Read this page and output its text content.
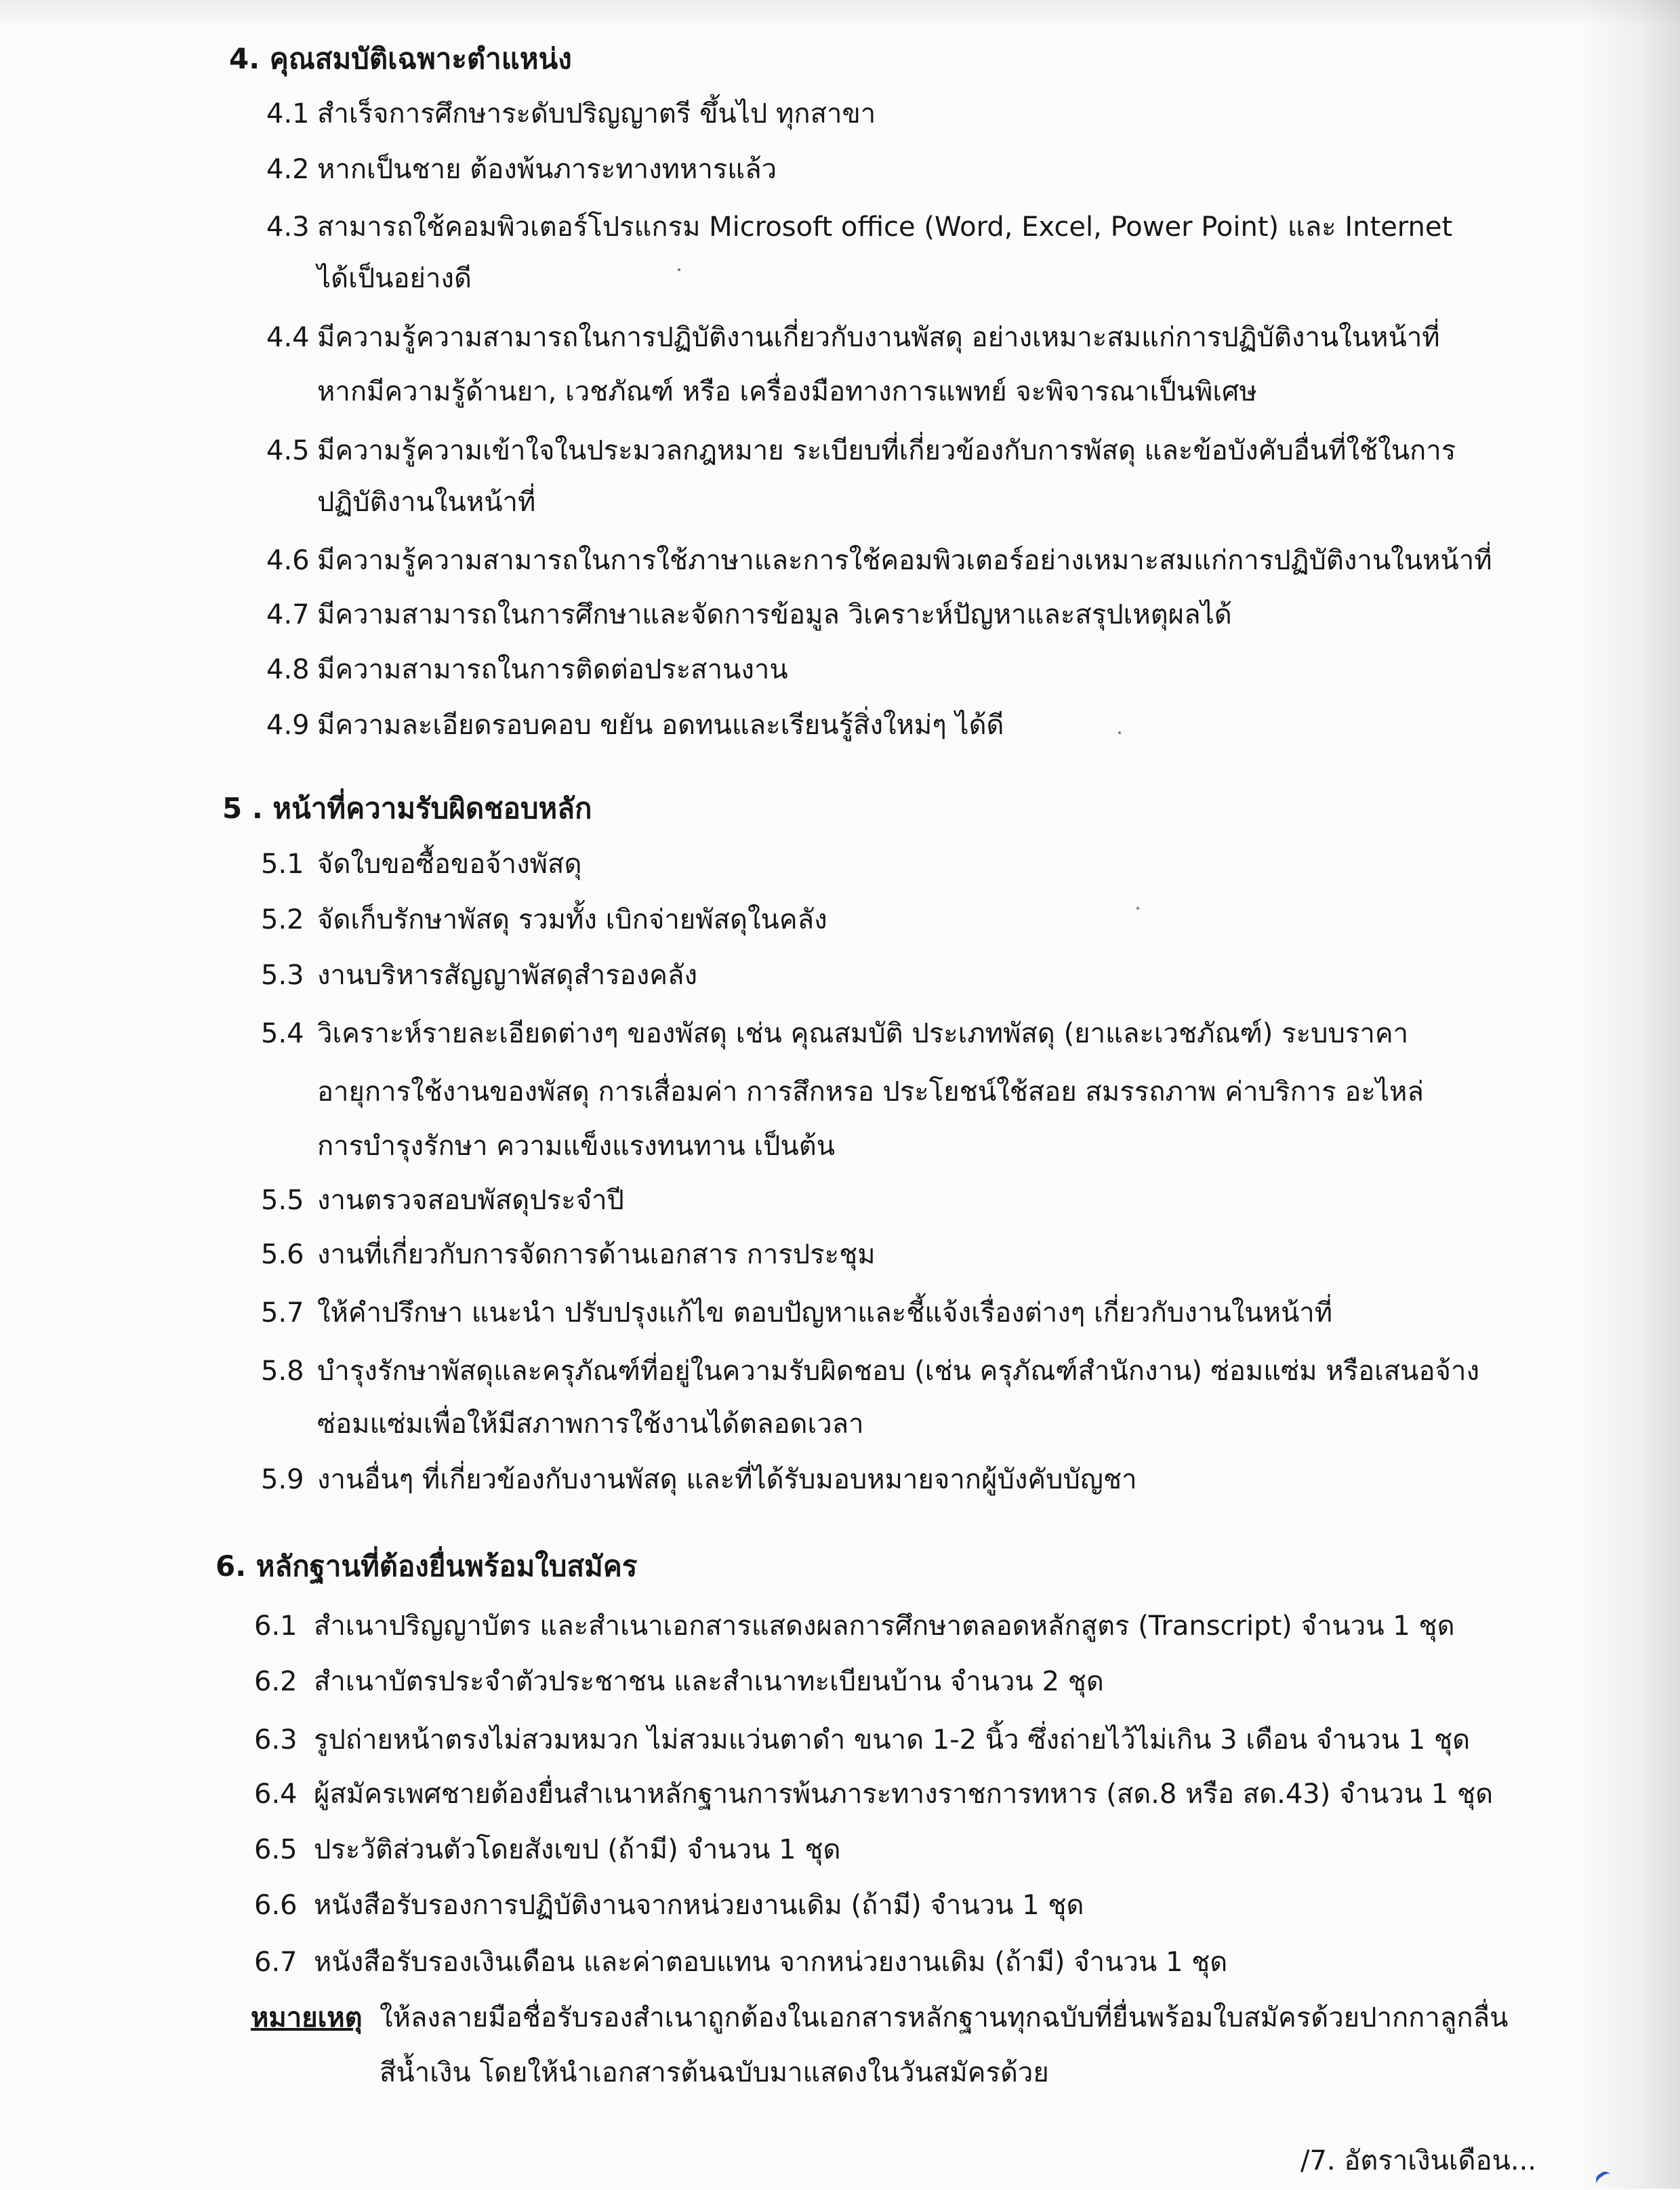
4. คุณสมบัติเฉพาะตำแหน่ง
4.1 สำเร็จการศึกษาระดับปริญญาตรี ขึ้นไป ทุกสาขา
4.2 หากเป็นชาย ต้องพ้นภาระทางทหารแล้ว
4.3 สามารถใช้คอมพิวเตอร์โปรแกรม Microsoft office (Word, Excel, Power Point) และ Internet
ได้เป็นอย่างดี
4.4 มีความรู้ความสามารถในการปฏิบัติงานเกี่ยวกับงานพัสดุ อย่างเหมาะสมแก่การปฏิบัติงานในหน้าที่
หากมีความรู้ด้านยา, เวชภัณฑ์ หรือ เครื่องมือทางการแพทย์ จะพิจารณาเป็นพิเศษ
4.5 มีความรู้ความเข้าใจในประมวลกฎหมาย ระเบียบที่เกี่ยวข้องกับการพัสดุ และข้อบังคับอื่นที่ใช้ในการ
ปฏิบัติงานในหน้าที่
4.6 มีความรู้ความสามารถในการใช้ภาษาและการใช้คอมพิวเตอร์อย่างเหมาะสมแก่การปฏิบัติงานในหน้าที่
4.7 มีความสามารถในการศึกษาและจัดการข้อมูล วิเคราะห์ปัญหาและสรุปเหตุผลได้
4.8 มีความสามารถในการติดต่อประสานงาน
4.9 มีความละเอียดรอบคอบ ขยัน อดทนและเรียนรู้สิ่งใหม่ๆ ได้ดี
5 . หน้าที่ความรับผิดชอบหลัก
5.1 จัดใบขอซื้อขอจ้างพัสดุ
5.2 จัดเก็บรักษาพัสดุ รวมทั้ง เบิกจ่ายพัสดุในคลัง
5.3 งานบริหารสัญญาพัสดุสำรองคลัง
5.4 วิเคราะห์รายละเอียดต่างๆ ของพัสดุ เช่น คุณสมบัติ ประเภทพัสดุ (ยาและเวชภัณฑ์) ระบบราคา
อายุการใช้งานของพัสดุ การเสื่อมค่า การสึกหรอ ประโยชน์ใช้สอย สมรรถภาพ ค่าบริการ อะไหล่
การบำรุงรักษา ความแข็งแรงทนทาน เป็นต้น
5.5 งานตรวจสอบพัสดุประจำปี
5.6 งานที่เกี่ยวกับการจัดการด้านเอกสาร การประชุม
5.7 ให้คำปรึกษา แนะนำ ปรับปรุงแก้ไข ตอบปัญหาและชี้แจ้งเรื่องต่างๆ เกี่ยวกับงานในหน้าที่
5.8 บำรุงรักษาพัสดุและครุภัณฑ์ที่อยู่ในความรับผิดชอบ (เช่น ครุภัณฑ์สำนักงาน) ซ่อมแซ่ม หรือเสนอจ้าง
ซ่อมแซ่มเพื่อให้มีสภาพการใช้งานได้ตลอดเวลา
5.9 งานอื่นๆ ที่เกี่ยวข้องกับงานพัสดุ และที่ได้รับมอบหมายจากผู้บังคับบัญชา
6. หลักฐานที่ต้องยื่นพร้อมใบสมัคร
6.1 สำเนาปริญญาบัตร และสำเนาเอกสารแสดงผลการศึกษาตลอดหลักสูตร (Transcript) จำนวน 1 ชุด
6.2 สำเนาบัตรประจำตัวประชาชน และสำเนาทะเบียนบ้าน จำนวน 2 ชุด
6.3 รูปถ่ายหน้าตรงไม่สวมหมวก ไม่สวมแว่นตาดำ ขนาด 1-2 นิ้ว ซึ่งถ่ายไว้ไม่เกิน 3 เดือน จำนวน 1 ชุด
6.4 ผู้สมัครเพศชายต้องยื่นสำเนาหลักฐานการพ้นภาระทางราชการทหาร (สด.8 หรือ สด.43) จำนวน 1 ชุด
6.5 ประวัติส่วนตัวโดยสังเขป (ถ้ามี) จำนวน 1 ชุด
6.6 หนังสือรับรองการปฏิบัติงานจากหน่วยงานเดิม (ถ้ามี) จำนวน 1 ชุด
6.7 หนังสือรับรองเงินเดือน และค่าตอบแทน จากหน่วยงานเดิม (ถ้ามี) จำนวน 1 ชุด
หมายเหตุ ให้ลงลายมือชื่อรับรองสำเนาถูกต้องในเอกสารหลักฐานทุกฉบับที่ยื่นพร้อมใบสมัครด้วยปากกาลูกลื่น
สีน้ำเงิน โดยให้นำเอกสารต้นฉบับมาแสดงในวันสมัครด้วย
/7. อัตราเงินเดือน...
